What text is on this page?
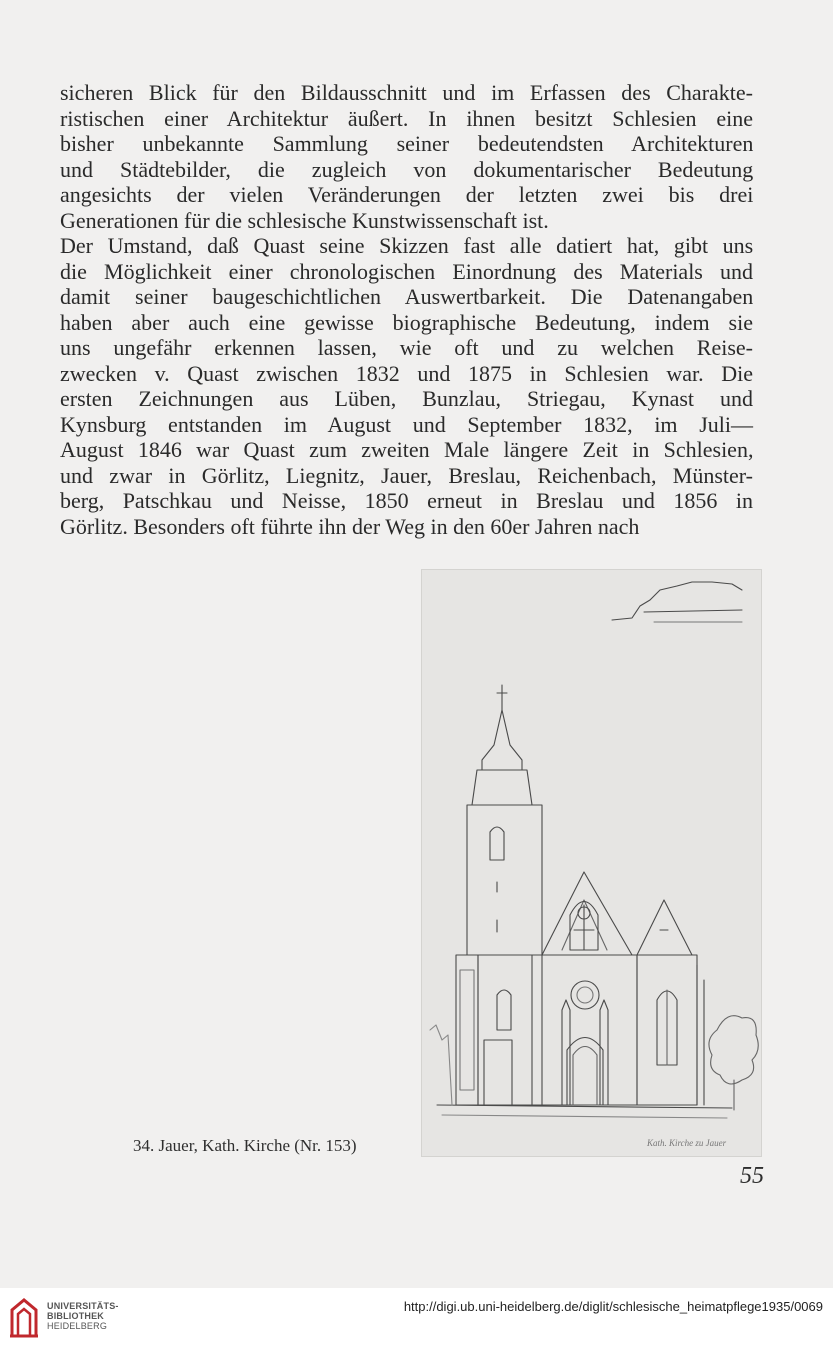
sicheren Blick für den Bildausschnitt und im Erfassen des Charakte-
ristischen einer Architektur äußert. In ihnen besitzt Schlesien eine
bisher unbekannte Sammlung seiner bedeutendsten Architekturen
und Städtebilder, die zugleich von dokumentarischer Bedeutung
angesichts der vielen Veränderungen der letzten zwei bis drei
Generationen für die schlesische Kunstwissenschaft ist.
Der Umstand, daß Quast seine Skizzen fast alle datiert hat, gibt uns
die Möglichkeit einer chronologischen Einordnung des Materials und
damit seiner baugeschichtlichen Auswertbarkeit. Die Datenangaben
haben aber auch eine gewisse biographische Bedeutung, indem sie
uns ungefähr erkennen lassen, wie oft und zu welchen Reise-
zwecken v. Quast zwischen 1832 und 1875 in Schlesien war. Die
ersten Zeichnungen aus Lüben, Bunzlau, Striegau, Kynast und
Kynsburg entstanden im August und September 1832, im Juli—
August 1846 war Quast zum zweiten Male längere Zeit in Schlesien,
und zwar in Görlitz, Liegnitz, Jauer, Breslau, Reichenbach, Münster-
berg, Patschkau und Neisse, 1850 erneut in Breslau und 1856 in
Görlitz. Besonders oft führte ihn der Weg in den 60er Jahren nach
Kath. Kirche zu Jauer
34. Jauer, Kath. Kirche (Nr. 153)
55
UNIVERSITÄTS-
BIBLIOTHEK
HEIDELBERG
http://digi.ub.uni-heidelberg.de/diglit/schlesische_heimatpflege1935/0069
